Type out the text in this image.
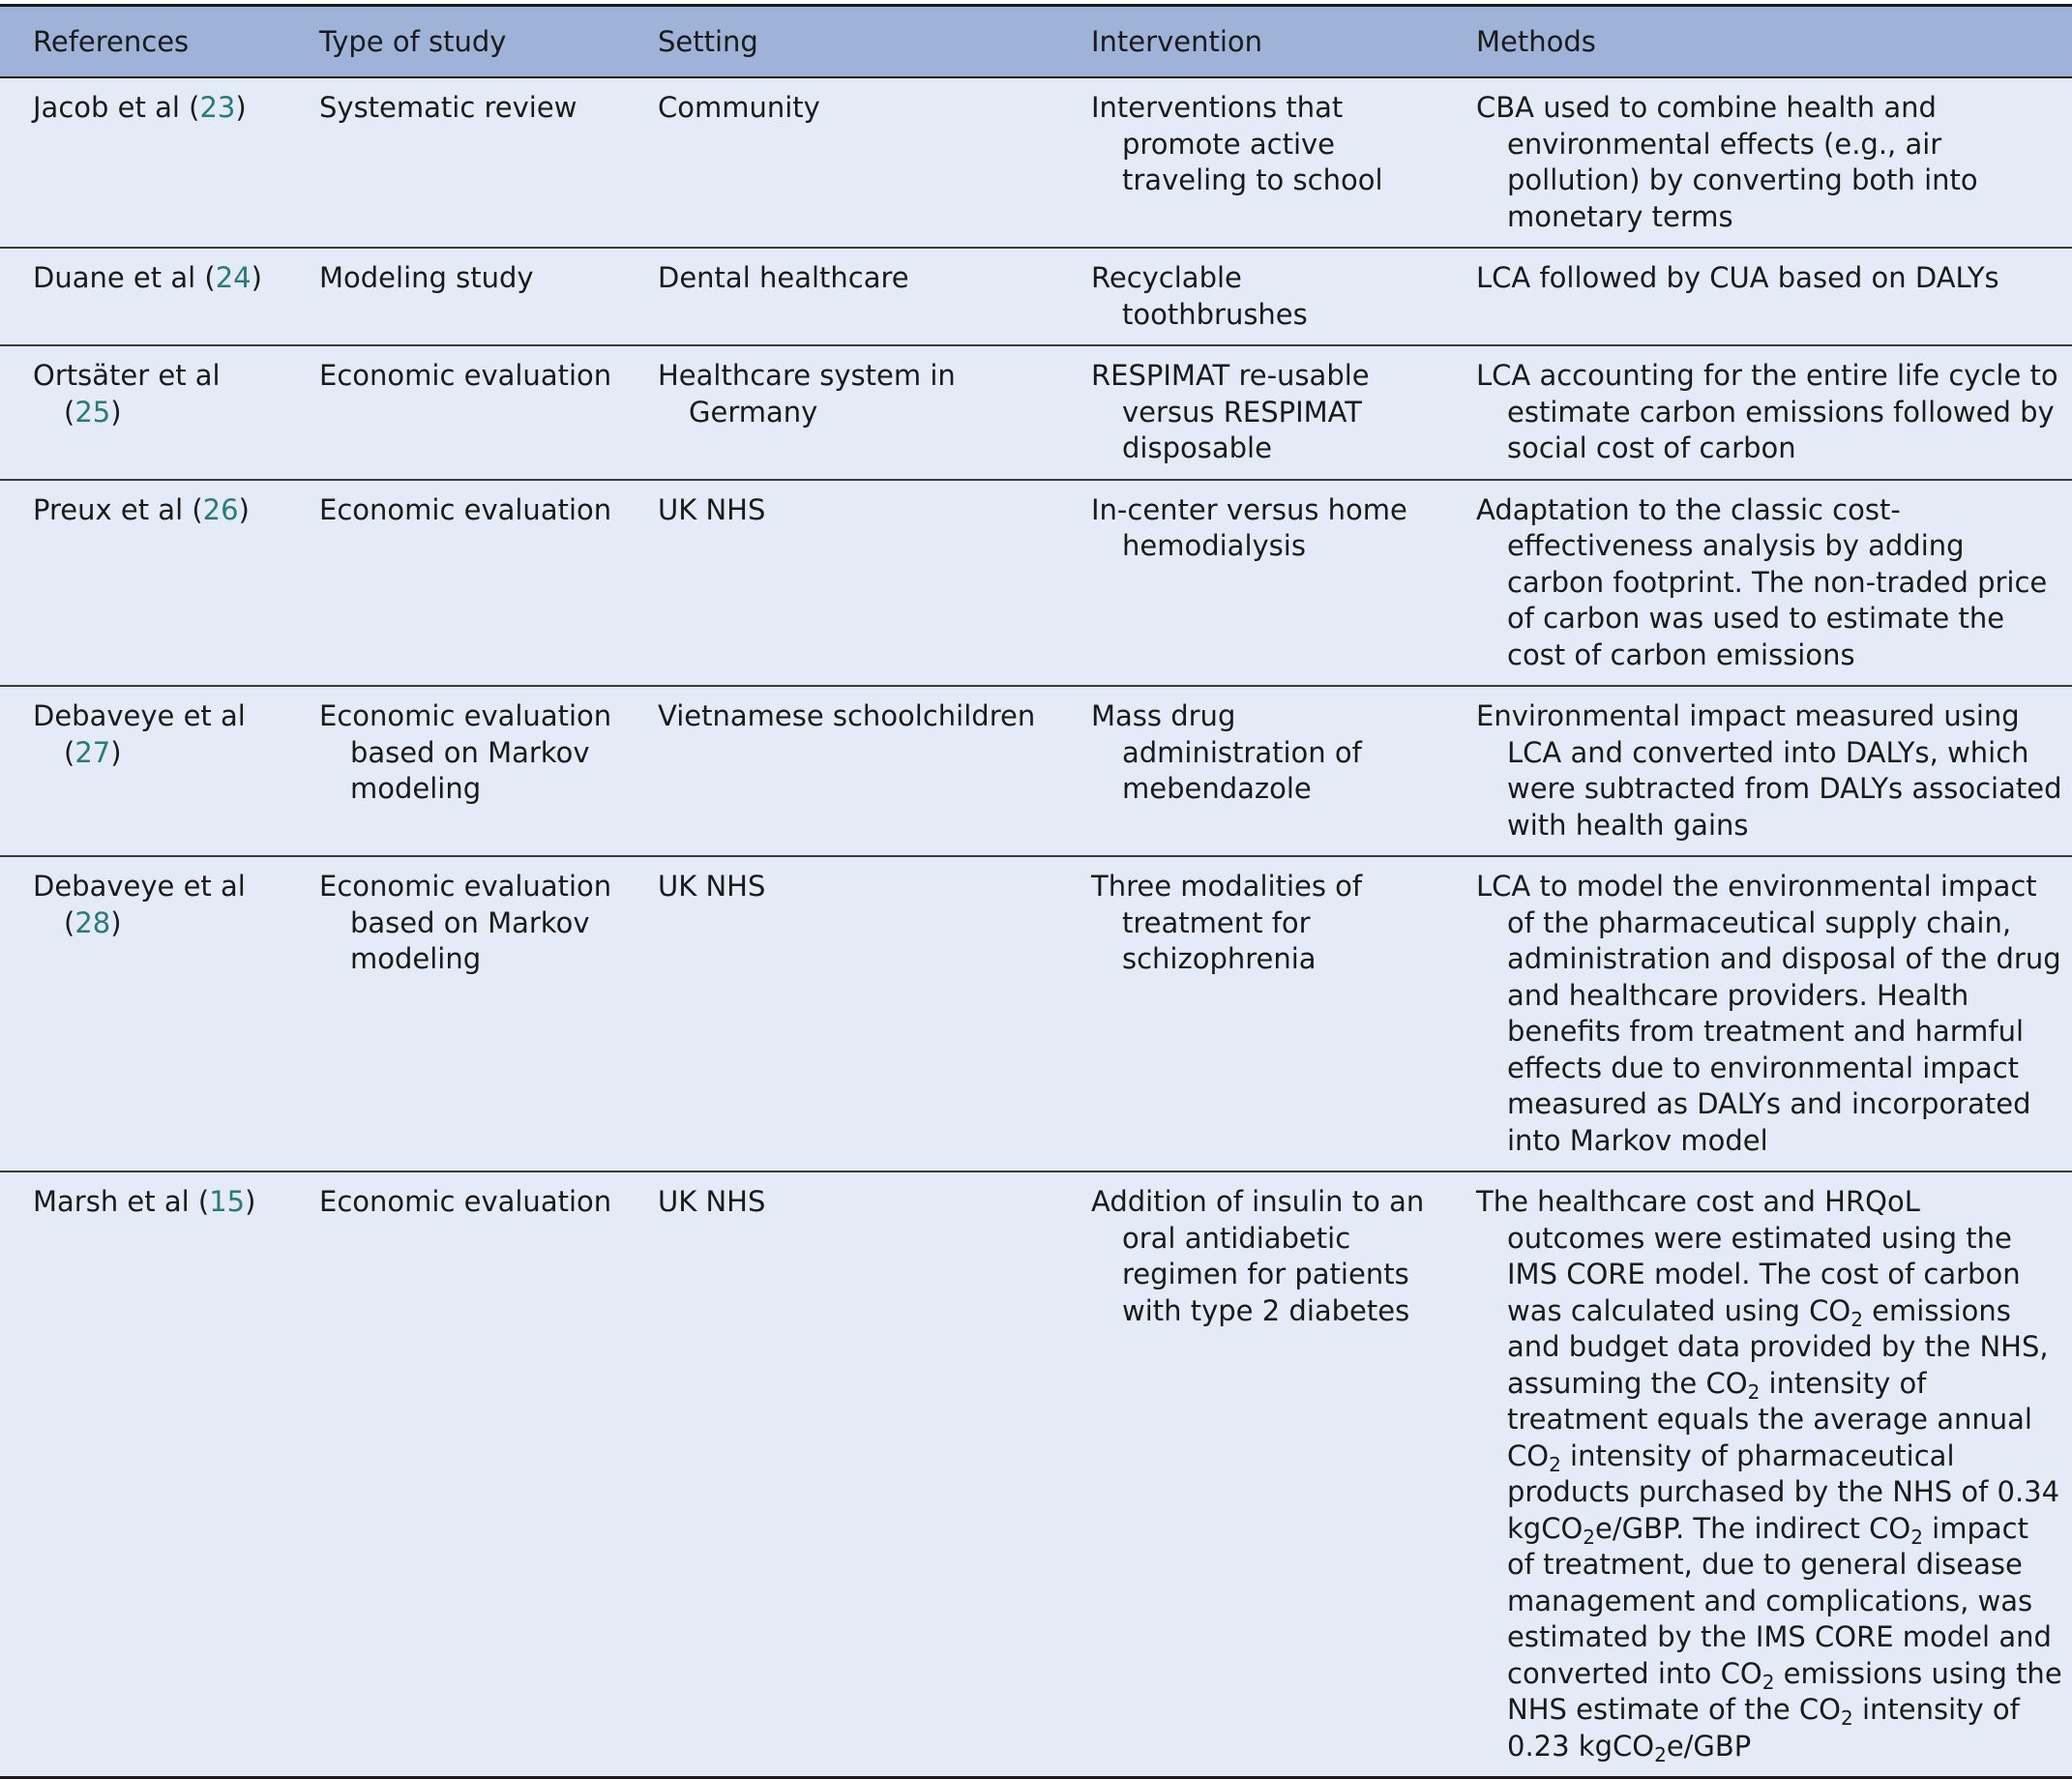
References	Type of study	Setting	Intervention	Methods

Jacob et al (23)	Systematic review	Community	Interventions that promote active traveling to school	CBA used to combine health and environmental effects (e.g., air pollution) by converting both into monetary terms

Duane et al (24)	Modeling study	Dental healthcare	Recyclable toothbrushes	LCA followed by CUA based on DALYs

Ortsäter et al (25)	Economic evaluation	Healthcare system in Germany	RESPIMAT re-usable versus RESPIMAT disposable	LCA accounting for the entire life cycle to estimate carbon emissions followed by social cost of carbon

Preux et al (26)	Economic evaluation	UK NHS	In-center versus home hemodialysis	Adaptation to the classic cost-effectiveness analysis by adding carbon footprint. The non-traded price of carbon was used to estimate the cost of carbon emissions

Debaveye et al (27)	Economic evaluation based on Markov modeling	Vietnamese schoolchildren	Mass drug administration of mebendazole	Environmental impact measured using LCA and converted into DALYs, which were subtracted from DALYs associated with health gains

Debaveye et al (28)	Economic evaluation based on Markov modeling	UK NHS	Three modalities of treatment for schizophrenia	LCA to model the environmental impact of the pharmaceutical supply chain, administration and disposal of the drug and healthcare providers. Health benefits from treatment and harmful effects due to environmental impact measured as DALYs and incorporated into Markov model

Marsh et al (15)	Economic evaluation	UK NHS	Addition of insulin to an oral antidiabetic regimen for patients with type 2 diabetes	The healthcare cost and HRQoL outcomes were estimated using the IMS CORE model. The cost of carbon was calculated using $CO_2$ emissions and budget data provided by the NHS, assuming the $CO_2$ intensity of treatment equals the average annual $CO_2$ intensity of pharmaceutical products purchased by the NHS of 0.34 kgCO$_2$e/GBP. The indirect $CO_2$ impact of treatment, due to general disease management and complications, was estimated by the IMS CORE model and converted into $CO_2$ emissions using the NHS estimate of the $CO_2$ intensity of 0.23 kgCO$_2$e/GBP
